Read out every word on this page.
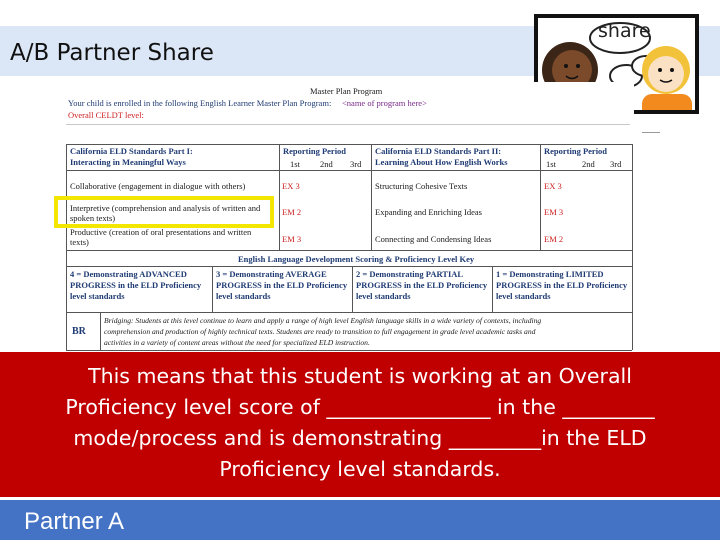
A/B Partner Share
share
Master Plan Program
Your child is enrolled in the following English Learner Master Plan Program: <name of program here>
Overall CELDT level:
California ELD Standards Part I:
Interacting in Meaningful Ways
Reporting Period
1st 2nd 3rd
California ELD Standards Part II:
Learning About How English Works
Reporting Period
1st	2nd 3rd
Collaborative (engagement in dialogue with others)	EX 3	Structuring Cohesive Texts	EX 3
Interpretive (comprehension and analysis of written and
spoken texts)
EM 2	Expanding and Enriching Ideas	EM 3
Productive (creation of oral presentations and written
texts)	EM 3	Connecting and Condensing Ideas	EM 2
English Language Development Scoring & Proficiency Level Key
4 = Demonstrating ADVANCED
PROGRESS in the ELD Proficiency
level standards
3 = Demonstrating AVERAGE
PROGRESS in the ELD Proficiency
level standards
2 = Demonstrating PARTIAL
PROGRESS in the ELD Proficiency
level standards
1 = Demonstrating LIMITED
PROGRESS in the ELD Proficiency
level standards
BR
Bridging: Students at this level continue to learn and apply a range of high level English language skills in a wide variety of contexts, including
comprehension and production of highly technical texts. Students are ready to transition to full engagement in grade level academic tasks and
activities in a variety of content areas without the need for specialized ELD instruction.
This means that this student is working at an Overall
Proficiency level score of ________________ in the _________
mode/process and is demonstrating _________in the ELD
Proficiency level standards.
Partner A
